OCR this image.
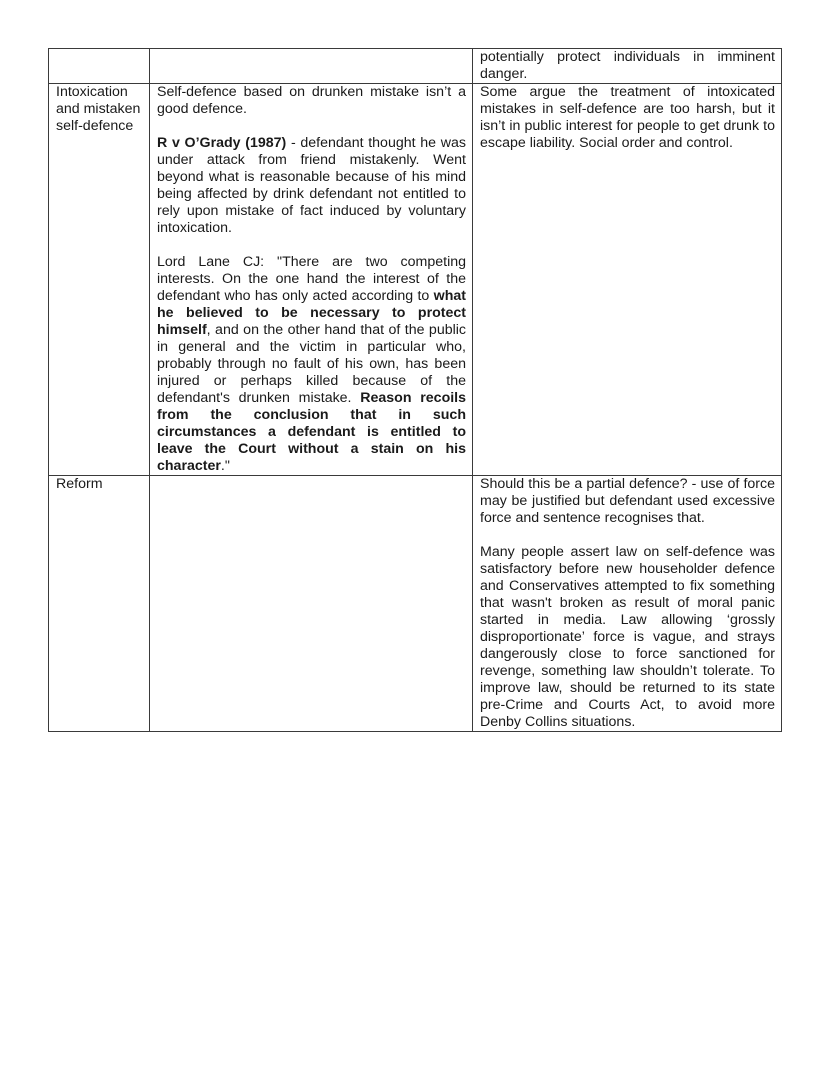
		potentially protect individuals in imminent danger.

Intoxication and mistaken self-defence	Self-defence based on drunken mistake isn’t a good defence.
R v O’Grady (1987) - defendant thought he was under attack from friend mistakenly. Went beyond what is reasonable because of his mind being affected by drink defendant not entitled to rely upon mistake of fact induced by voluntary intoxication.
Lord Lane CJ: "There are two competing interests. On the one hand the interest of the defendant who has only acted according to what he believed to be necessary to protect himself, and on the other hand that of the public in general and the victim in particular who, probably through no fault of his own, has been injured or perhaps killed because of the defendant's drunken mistake. Reason recoils from the conclusion that in such circumstances a defendant is entitled to leave the Court without a stain on his character."	Some argue the treatment of intoxicated mistakes in self-defence are too harsh, but it isn’t in public interest for people to get drunk to escape liability. Social order and control.

Reform		Should this be a partial defence? - use of force may be justified but defendant used excessive force and sentence recognises that.
Many people assert law on self-defence was satisfactory before new householder defence and Conservatives attempted to fix something that wasn't broken as result of moral panic started in media. Law allowing ‘grossly disproportionate’ force is vague, and strays dangerously close to force sanctioned for revenge, something law shouldn’t tolerate. To improve law, should be returned to its state pre-Crime and Courts Act, to avoid more Denby Collins situations.
